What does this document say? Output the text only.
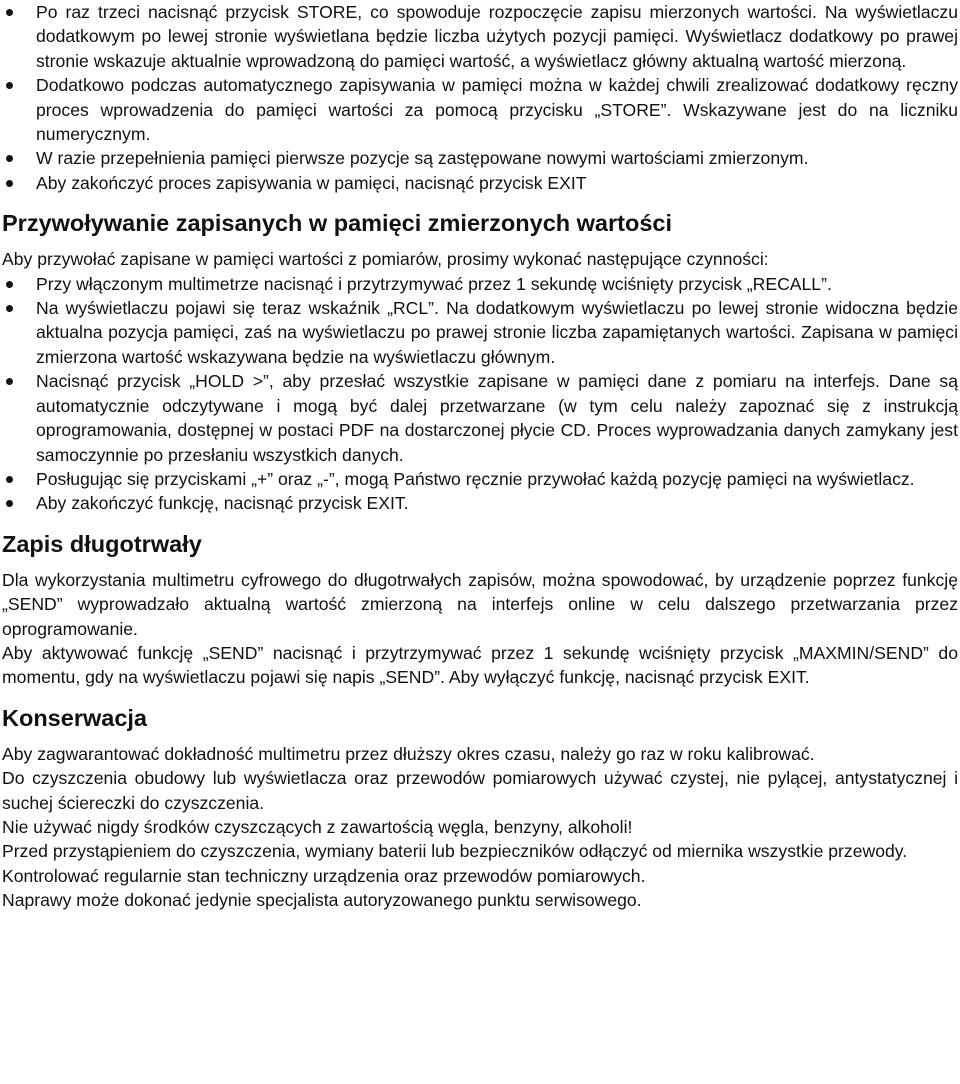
Po raz trzeci nacisnąć przycisk STORE, co spowoduje rozpoczęcie zapisu mierzonych wartości. Na wyświetlaczu dodatkowym po lewej stronie wyświetlana będzie liczba użytych pozycji pamięci. Wyświetlacz dodatkowy po prawej stronie wskazuje aktualnie wprowadzoną do pamięci wartość, a wyświetlacz główny aktualną wartość mierzoną.
Dodatkowo podczas automatycznego zapisywania w pamięci można w każdej chwili zrealizować dodatkowy ręczny proces wprowadzenia do pamięci wartości za pomocą przycisku „STORE”. Wskazywane jest do na liczniku numerycznym.
W razie przepełnienia pamięci pierwsze pozycje są zastępowane nowymi wartościami zmierzonym.
Aby zakończyć proces zapisywania w pamięci, nacisnąć przycisk EXIT
Przywoływanie zapisanych w pamięci zmierzonych wartości

Aby przywołać zapisane w pamięci wartości z pomiarów, prosimy wykonać następujące czynności:

Przy włączonym multimetrze nacisnąć i przytrzymywać przez 1 sekundę wciśnięty przycisk „RECALL”.
Na wyświetlaczu pojawi się teraz wskaźnik „RCL”. Na dodatkowym wyświetlaczu po lewej stronie widoczna będzie aktualna pozycja pamięci, zaś na wyświetlaczu po prawej stronie liczba zapamiętanych wartości. Zapisana w pamięci zmierzona wartość wskazywana będzie na wyświetlaczu głównym.
Nacisnąć przycisk „HOLD >”, aby przesłać wszystkie zapisane w pamięci dane z pomiaru na interfejs. Dane są automatycznie odczytywane i mogą być dalej przetwarzane (w tym celu należy zapoznać się z instrukcją oprogramowania, dostępnej w postaci PDF na dostarczonej płycie CD. Proces wyprowadzania danych zamykany jest samoczynnie po przesłaniu wszystkich danych.
Posługując się przyciskami „+” oraz „-”, mogą Państwo ręcznie przywołać każdą pozycję pamięci na wyświetlacz.
Aby zakończyć funkcję, nacisnąć przycisk EXIT.
Zapis długotrwały

Dla wykorzystania multimetru cyfrowego do długotrwałych zapisów, można spowodować, by urządzenie poprzez funkcję „SEND” wyprowadzało aktualną wartość zmierzoną na interfejs online w celu dalszego przetwarzania przez oprogramowanie.

Aby aktywować funkcję „SEND” nacisnąć i przytrzymywać przez 1 sekundę wciśnięty przycisk „MAXMIN/SEND” do momentu, gdy na wyświetlaczu pojawi się napis „SEND”. Aby wyłączyć funkcję, nacisnąć przycisk EXIT.

Konserwacja

Aby zagwarantować dokładność multimetru przez dłuższy okres czasu, należy go raz w roku kalibrować.

Do czyszczenia obudowy lub wyświetlacza oraz przewodów pomiarowych używać czystej, nie pylącej, antystatycznej i suchej ściereczki do czyszczenia.

Nie używać nigdy środków czyszczących z zawartością węgla, benzyny, alkoholi!

Przed przystąpieniem do czyszczenia, wymiany baterii lub bezpieczników odłączyć od miernika wszystkie przewody.

Kontrolować regularnie stan techniczny urządzenia oraz przewodów pomiarowych.

Naprawy może dokonać jedynie specjalista autoryzowanego punktu serwisowego.
